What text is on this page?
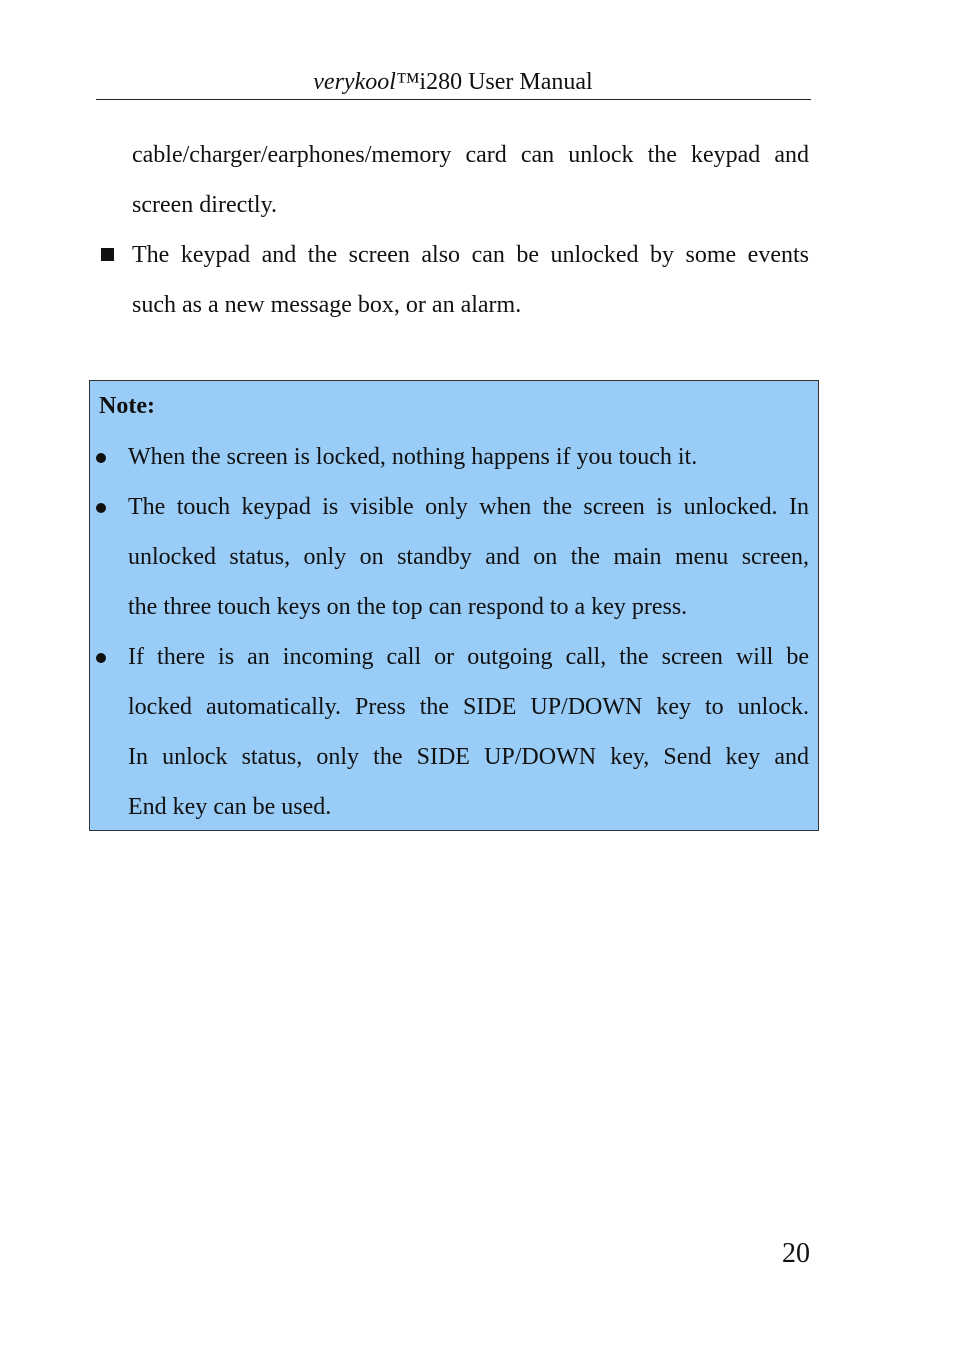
verykool™i280 User Manual
cable/charger/earphones/memory card can unlock the keypad and
screen directly.
The keypad and the screen also can be unlocked by some events
such as a new message box, or an alarm.
Note:
When the screen is locked, nothing happens if you touch it.
The touch keypad is visible only when the screen is unlocked. In
unlocked status, only on standby and on the main menu screen,
the three touch keys on the top can respond to a key press.
If there is an incoming call or outgoing call, the screen will be
locked automatically. Press the SIDE UP/DOWN key to unlock.
In unlock status, only the SIDE UP/DOWN key, Send key and
End key can be used.
20
